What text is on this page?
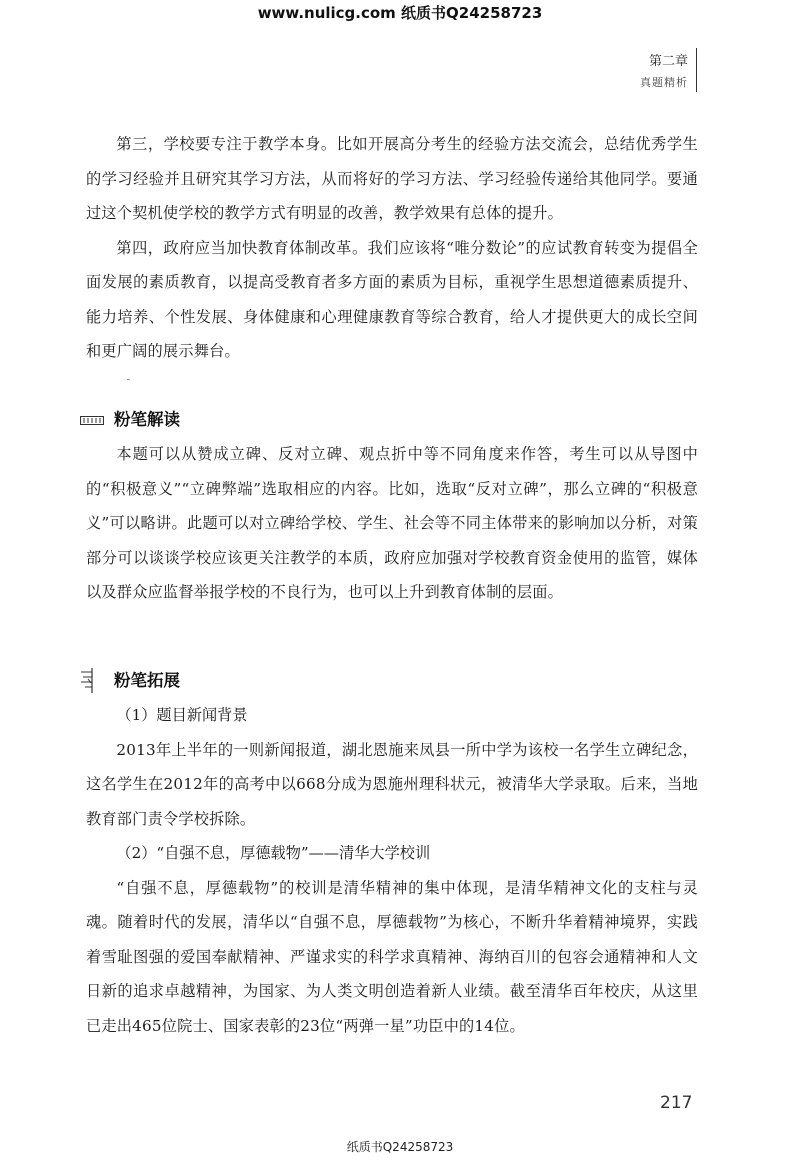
www.nulicg.com 纸质书Q24258723
第二章
真题精析

第三，学校要专注于教学本身。比如开展高分考生的经验方法交流会，总结优秀学生的学习经验并且研究其学习方法，从而将好的学习方法、学习经验传递给其他同学。要通过这个契机使学校的教学方式有明显的改善，教学效果有总体的提升。

第四，政府应当加快教育体制改革。我们应该将“唯分数论”的应试教育转变为提倡全面发展的素质教育，以提高受教育者多方面的素质为目标，重视学生思想道德素质提升、能力培养、个性发展、身体健康和心理健康教育等综合教育，给人才提供更大的成长空间和更广阔的展示舞台。

粉笔解读

本题可以从赞成立碑、反对立碑、观点折中等不同角度来作答，考生可以从导图中的“积极意义”“立碑弊端”选取相应的内容。比如，选取“反对立碑”，那么立碑的“积极意义”可以略讲。此题可以对立碑给学校、学生、社会等不同主体带来的影响加以分析，对策部分可以谈谈学校应该更关注教学的本质，政府应加强对学校教育资金使用的监管，媒体以及群众应监督举报学校的不良行为，也可以上升到教育体制的层面。

粉笔拓展

（1）题目新闻背景

2013年上半年的一则新闻报道，湖北恩施来凤县一所中学为该校一名学生立碑纪念，这名学生在2012年的高考中以668分成为恩施州理科状元，被清华大学录取。后来，当地教育部门责令学校拆除。

（2）“自强不息，厚德载物”——清华大学校训

“自强不息，厚德载物”的校训是清华精神的集中体现，是清华精神文化的支柱与灵魂。随着时代的发展，清华以“自强不息，厚德载物”为核心，不断升华着精神境界，实践着雪耻图强的爱国奉献精神、严谨求实的科学求真精神、海纳百川的包容会通精神和人文日新的追求卓越精神，为国家、为人类文明创造着新人业绩。截至清华百年校庆，从这里已走出465位院士、国家表彰的23位“两弹一星”功臣中的14位。

217
纸质书Q24258723
